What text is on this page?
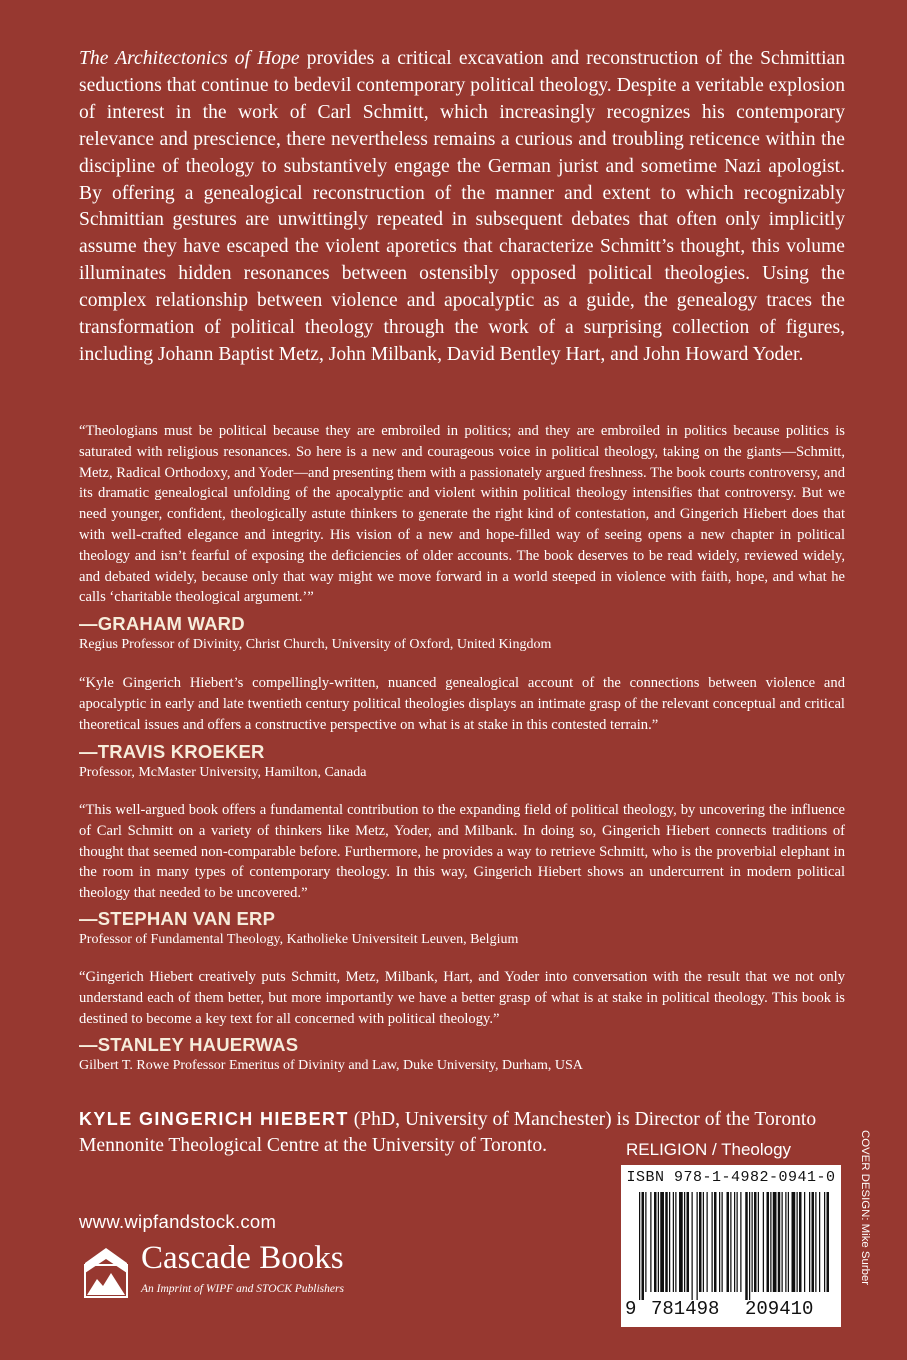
The Architectonics of Hope provides a critical excavation and reconstruction of the Schmittian seductions that continue to bedevil contemporary political theology. Despite a veritable explosion of interest in the work of Carl Schmitt, which increasingly recognizes his contemporary relevance and prescience, there nevertheless remains a curious and troubling reticence within the discipline of theology to substantively engage the German jurist and sometime Nazi apologist. By offering a genealogical reconstruction of the manner and extent to which recognizably Schmittian gestures are unwittingly repeated in subsequent debates that often only implicitly assume they have escaped the violent aporetics that characterize Schmitt’s thought, this volume illuminates hidden resonances between ostensibly opposed political theologies. Using the complex relationship between violence and apocalyptic as a guide, the genealogy traces the transformation of political theology through the work of a surprising collection of figures, including Johann Baptist Metz, John Milbank, David Bentley Hart, and John Howard Yoder.

“Theologians must be political because they are embroiled in politics; and they are embroiled in politics because politics is saturated with religious resonances. So here is a new and courageous voice in political theology, taking on the giants—Schmitt, Metz, Radical Orthodoxy, and Yoder—and presenting them with a passionately argued freshness. The book courts controversy, and its dramatic genealogical unfolding of the apocalyptic and violent within political theology intensifies that controversy. But we need younger, confident, theologically astute thinkers to generate the right kind of contestation, and Gingerich Hiebert does that with well-crafted elegance and integrity. His vision of a new and hope-filled way of seeing opens a new chapter in political theology and isn’t fearful of exposing the deficiencies of older accounts. The book deserves to be read widely, reviewed widely, and debated widely, because only that way might we move forward in a world steeped in violence with faith, hope, and what he calls ‘charitable theological argument.’”

—GRAHAM WARD
Regius Professor of Divinity, Christ Church, University of Oxford, United Kingdom

“Kyle Gingerich Hiebert’s compellingly-written, nuanced genealogical account of the connections between violence and apocalyptic in early and late twentieth century political theologies displays an intimate grasp of the relevant conceptual and critical theoretical issues and offers a constructive perspective on what is at stake in this contested terrain.”

—TRAVIS KROEKER
Professor, McMaster University, Hamilton, Canada

“This well-argued book offers a fundamental contribution to the expanding field of political theology, by uncovering the influence of Carl Schmitt on a variety of thinkers like Metz, Yoder, and Milbank. In doing so, Gingerich Hiebert connects traditions of thought that seemed non-comparable before. Furthermore, he provides a way to retrieve Schmitt, who is the proverbial elephant in the room in many types of contemporary theology. In this way, Gingerich Hiebert shows an undercurrent in modern political theology that needed to be uncovered.”

—STEPHAN VAN ERP
Professor of Fundamental Theology, Katholieke Universiteit Leuven, Belgium

“Gingerich Hiebert creatively puts Schmitt, Metz, Milbank, Hart, and Yoder into conversation with the result that we not only understand each of them better, but more importantly we have a better grasp of what is at stake in political theology. This book is destined to become a key text for all concerned with political theology.”

—STANLEY HAUERWAS
Gilbert T. Rowe Professor Emeritus of Divinity and Law, Duke University, Durham, USA

KYLE GINGERICH HIEBERT (PhD, University of Manchester) is Director of the Toronto Mennonite Theological Centre at the University of Toronto.	RELIGION / Theology
ISBN 978-1-4982-0941-0
9 781498 209410
COVER DESIGN: Mike Surber
www.wipfandstock.com
Cascade Books
An Imprint of WIPF and STOCK Publishers
